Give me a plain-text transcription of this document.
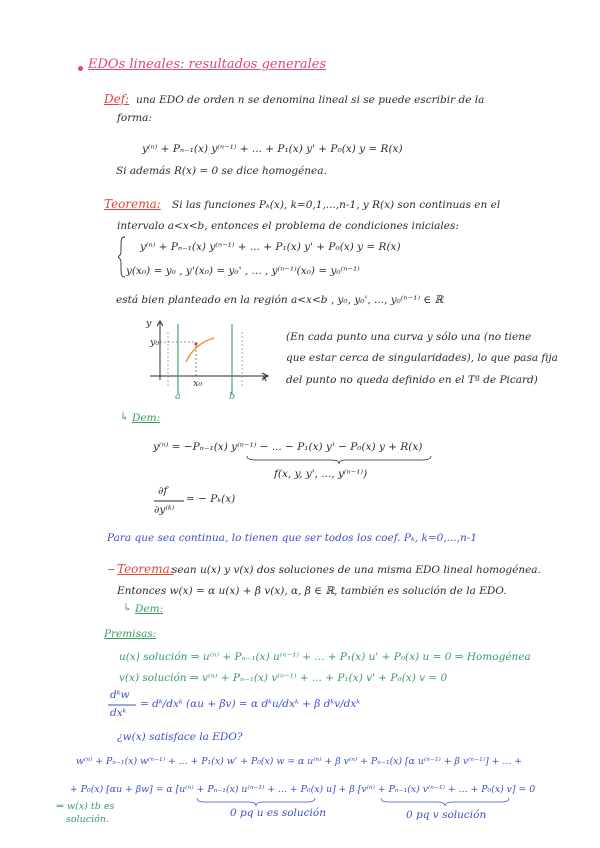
EDOs lineales: resultados generales
Def: una EDO de orden n se denomina lineal si se puede escribir de la
forma:
y⁽ⁿ⁾ + Pₙ₋₁(x) y⁽ⁿ⁻¹⁾ + ... + P₁(x) y' + P₀(x) y = R(x)
Si además R(x) = 0 se dice homogénea.
Teorema: Si las funciones Pₖ(x), k=0,1,...,n-1, y R(x) son continuas en el
intervalo a<x<b, entonces el problema de condiciones iniciales:
y⁽ⁿ⁾ + Pₙ₋₁(x) y⁽ⁿ⁻¹⁾ + ... + P₁(x) y' + P₀(x) y = R(x)
y(x₀) = y₀ , y'(x₀) = y₀' , ... , y⁽ⁿ⁻¹⁾(x₀) = y₀⁽ⁿ⁻¹⁾
está bien planteado en la región a<x<b , y₀, y₀', ..., y₀⁽ⁿ⁻¹⁾ ∈ ℝ
y
x
y₀
x₀
a	b
(En cada punto una curva y sólo una (no tiene
que estar cerca de singularidades), lo que pasa fija
del punto no queda definido en el Tª de Picard)
↳ Dem:
y⁽ⁿ⁾ = −Pₙ₋₁(x) y⁽ⁿ⁻¹⁾ − ... − P₁(x) y' − P₀(x) y + R(x)
f(x, y, y', ..., y⁽ⁿ⁻¹⁾)
∂f
∂y⁽ᵏ⁾
= − Pₖ(x)
Para que sea continua, lo tienen que ser todos los coef. Pₖ, k=0,...,n-1
− Teorema:
sean u(x) y v(x) dos soluciones de una misma EDO lineal homogénea.
Entonces w(x) = α u(x) + β v(x), α, β ∈ ℝ, también es solución de la EDO.
↳ Dem:
Premisas:
u(x) solución ⇒ u⁽ⁿ⁾ + Pₙ₋₁(x) u⁽ⁿ⁻¹⁾ + ... + P₁(x) u' + P₀(x) u = 0 ⇒ Homogénea
v(x) solución ⇒ v⁽ⁿ⁾ + Pₙ₋₁(x) v⁽ⁿ⁻¹⁾ + ... + P₁(x) v' + P₀(x) v = 0
dᵏw
dxᵏ
= dᵏ/dxᵏ (αu + βv) = α dᵏu/dxᵏ + β dᵏv/dxᵏ
¿w(x) satisface la EDO?
w⁽ⁿ⁾ + Pₙ₋₁(x) w⁽ⁿ⁻¹⁾ + ... + P₁(x) w' + P₀(x) w = α u⁽ⁿ⁾ + β v⁽ⁿ⁾ + Pₙ₋₁(x) [α u⁽ⁿ⁻¹⁾ + β v⁽ⁿ⁻¹⁾] + ... +
+ P₀(x) [αu + βw] = α [u⁽ⁿ⁾ + Pₙ₋₁(x) u⁽ⁿ⁻¹⁾ + ... + P₀(x) u] + β [v⁽ⁿ⁾ + Pₙ₋₁(x) v⁽ⁿ⁻¹⁾ + ... + P₀(x) v] = 0
0 pq u es solución	0 pq v solución
⇒ w(x) tb es
solución.
